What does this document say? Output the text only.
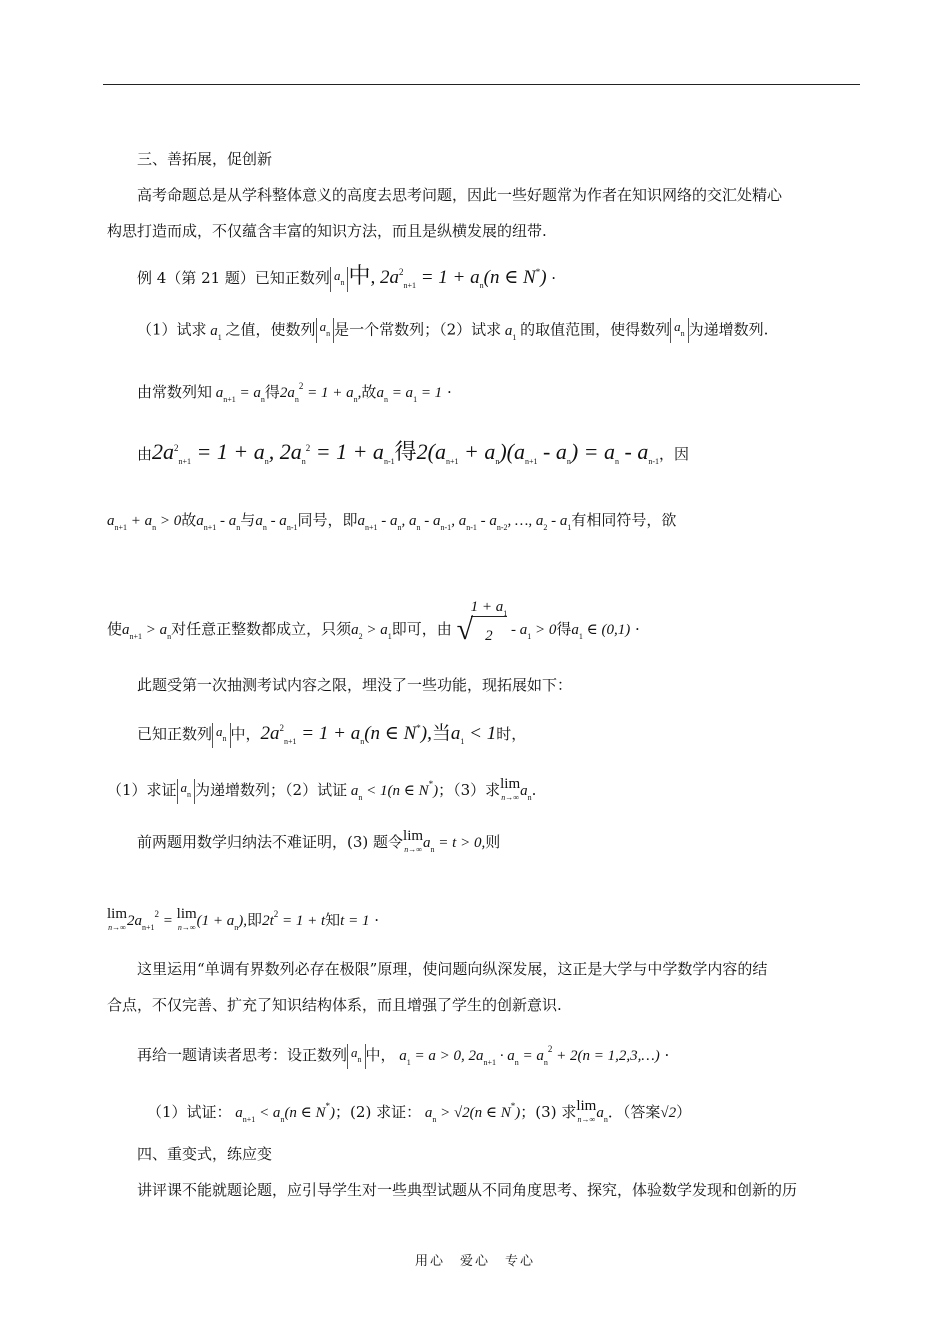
三、善拓展，促创新
高考命题总是从学科整体意义的高度去思考问题，因此一些好题常为作者在知识网络的交汇处精心
构思打造而成，不仅蕴含丰富的知识方法，而且是纵横发展的纽带.
例 4（第 21 题）已知正数列 $a_n$ 中, $2a^2_{n+1} = 1 + a_n(n$ ∈ N*) ·
（1）试求 $a_1$ 之值，使数列 $a_n$ 是一个常数列；（2）试求 $a_1$ 的取值范围，使得数列 $a_n$ 为递增数列.
由常数列知 $a_{n+1} = a_n$得$2a_n^2 = 1 + a_n$,故$a_n = a_1 = 1$ ·
由$2a^2_{n+1} = 1 + a_n$, $2a_n^2 = 1 + a_{n-1}$得$2(a_{n+1} + a_n)(a_{n+1} - a_n) = a_n - a_{n-1}$，因
$a_{n+1} + a_n > 0$故$a_{n+1} - a_n$与$a_n - a_{n-1}$同号，即$a_{n+1} - a_n$, $a_n - a_{n-1}$, $a_{n-1} - a_{n-2}$, …, $a_2 - a_1$有相同符号，欲
使$a_{n+1} > a_n$对任意正整数都成立，只须$a_2 > a_1$即可，由 √
$1 + a_1$
$2 - a_1 > 0$得$a_1$ ∈ (0,1) ·
此题受第一次抽测考试内容之限，埋没了一些功能，现拓展如下：
已知正数列 $a_n$ 中，$2a^2_{n+1} = 1 + a_n(n$ ∈ N*),当$a_1 < 1$时，
（1）求证 $a_n$ 为递增数列；（2）试证 $a_n < 1(n$ ∈ N*)；（3）求lim
n→∞ $a_n$.
前两题用数学归纳法不难证明，(3) 题令lim
n→∞ $a_n = t > 0$,则
lim
n→∞ $2a_{n+1}^2 = \lim$
n→∞ $(1 + a_n)$,即$2t^2 = 1 + t$知t = 1 ·
这里运用“单调有界数列必存在极限”原理，使问题向纵深发展，这正是大学与中学数学内容的结
合点，不仅完善、扩充了知识结构体系，而且增强了学生的创新意识.
再给一题请读者思考：设正数列 $a_n$ 中， $a_1 = a > 0$, $2a_{n+1} \cdot a_n = a_n^2 + 2(n$ = 1,2,3,…) ·
（1）试证： $a_{n+1} < a_n(n$ ∈ N*)；(2) 求证： $a_n > √2(n$ ∈ N*)；(3) 求lim
n→∞ $a_n$．（答案√2）
四、重变式，练应变
讲评课不能就题论题，应引导学生对一些典型试题从不同角度思考、探究，体验数学发现和创新的历
用心　爱心　专心
